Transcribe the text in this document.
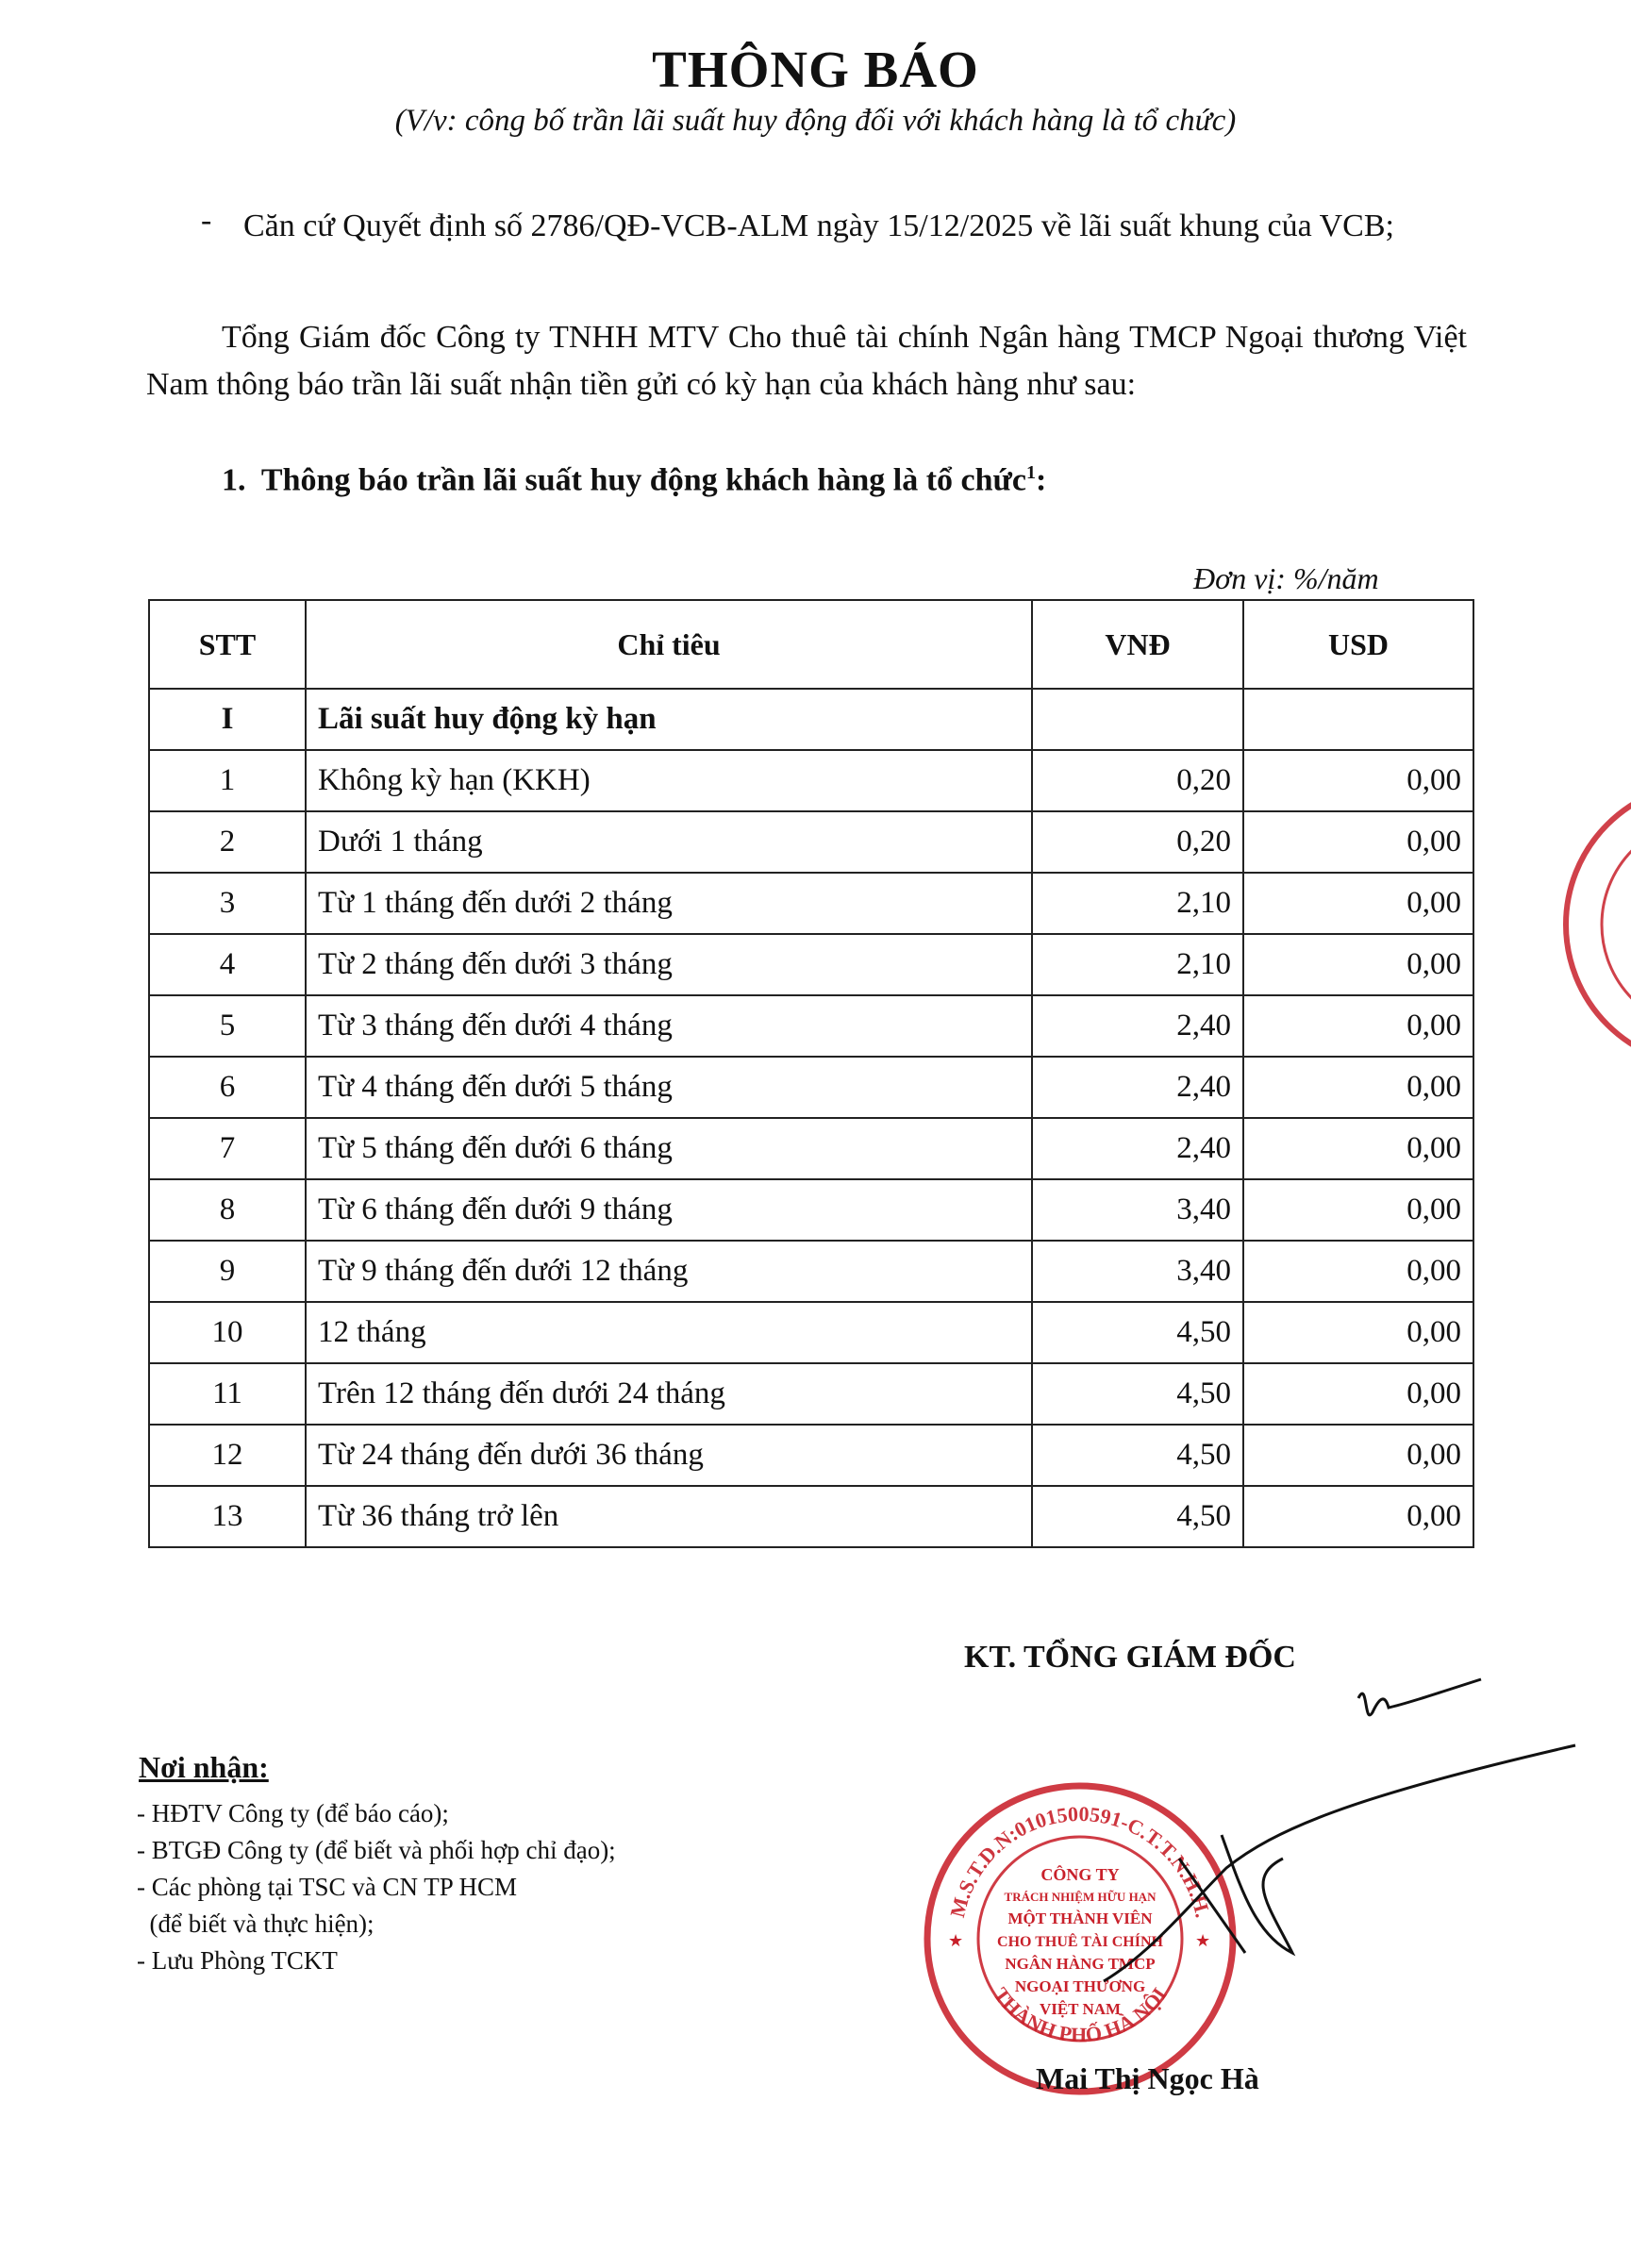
THÔNG BÁO
(V/v: công bố trần lãi suất huy động đối với khách hàng là tổ chức)
- Căn cứ Quyết định số 2786/QĐ-VCB-ALM ngày 15/12/2025 về lãi suất khung của VCB;
Tổng Giám đốc Công ty TNHH MTV Cho thuê tài chính Ngân hàng TMCP Ngoại thương Việt Nam thông báo trần lãi suất nhận tiền gửi có kỳ hạn của khách hàng như sau:
1. Thông báo trần lãi suất huy động khách hàng là tổ chức$^1$:
Đơn vị: %/năm
STT	Chỉ tiêu	VNĐ	USD
I	Lãi suất huy động kỳ hạn		
1	Không kỳ hạn (KKH)	0,20	0,00
2	Dưới 1 tháng	0,20	0,00
3	Từ 1 tháng đến dưới 2 tháng	2,10	0,00
4	Từ 2 tháng đến dưới 3 tháng	2,10	0,00
5	Từ 3 tháng đến dưới 4 tháng	2,40	0,00
6	Từ 4 tháng đến dưới 5 tháng	2,40	0,00
7	Từ 5 tháng đến dưới 6 tháng	2,40	0,00
8	Từ 6 tháng đến dưới 9 tháng	3,40	0,00
9	Từ 9 tháng đến dưới 12 tháng	3,40	0,00
10	12 tháng	4,50	0,00
11	Trên 12 tháng đến dưới 24 tháng	4,50	0,00
12	Từ 24 tháng đến dưới 36 tháng	4,50	0,00
13	Từ 36 tháng trở lên	4,50	0,00
KT. TỔNG GIÁM ĐỐC
Nơi nhận:
- HĐTV Công ty (để báo cáo);
- BTGĐ Công ty (để biết và phối hợp chỉ đạo);
- Các phòng tại TSC và CN TP HCM
(để biết và thực hiện);
- Lưu Phòng TCKT
M.S.T.D.N:0101500591-C.T.T.N.H.H.
THÀNH PHỐ HÀ NỘI
CÔNG TY
TRÁCH NHIỆM HỮU HẠN
MỘT THÀNH VIÊN
CHO THUÊ TÀI CHÍNH
NGÂN HÀNG TMCP
NGOẠI THƯƠNG
VIỆT NAM
★	★
Mai Thị Ngọc Hà
